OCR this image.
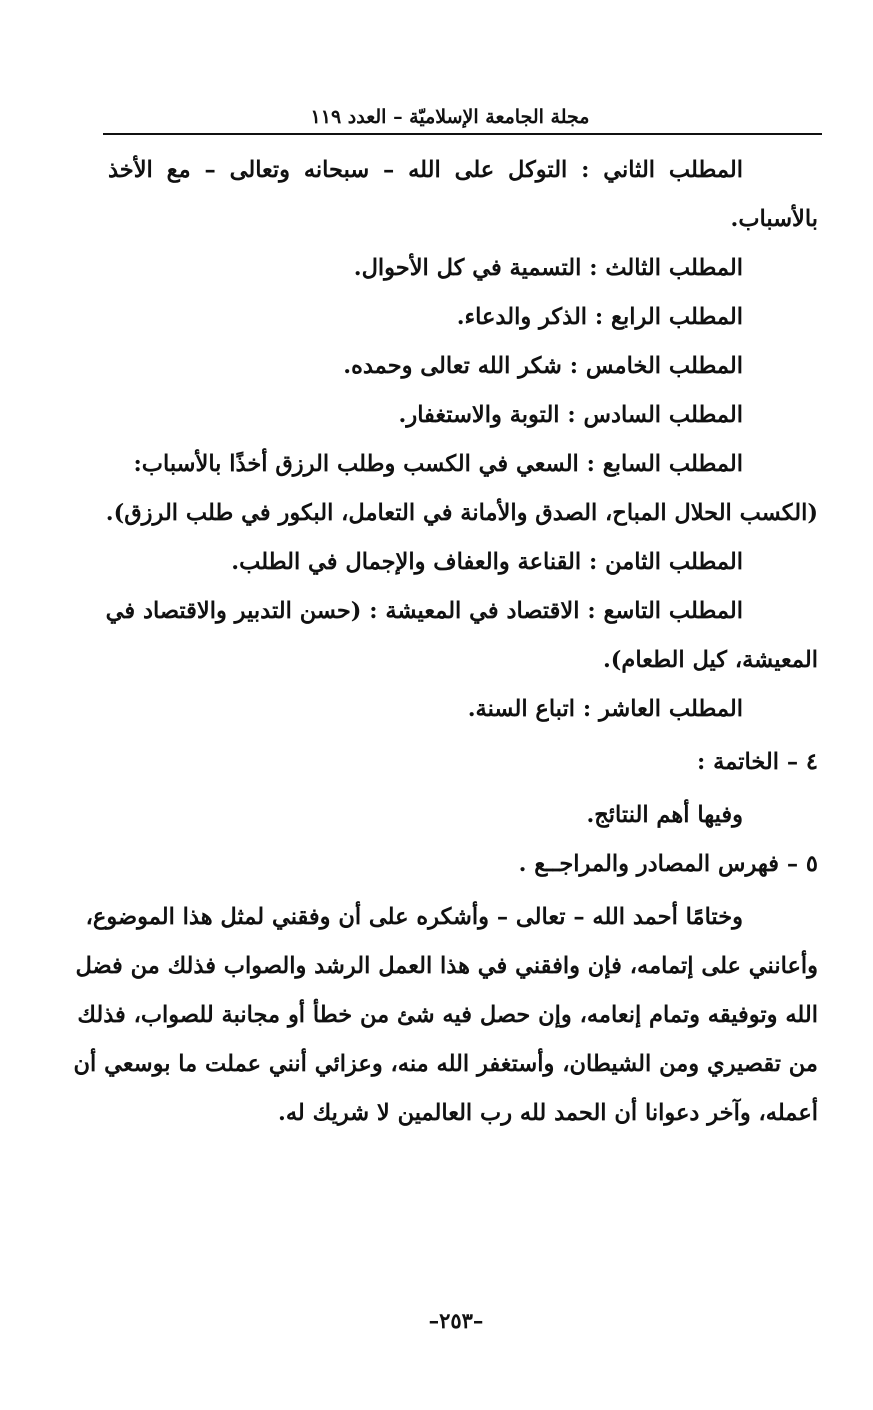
مجلة الجامعة الإسلاميّة – العدد ١١٩
المطلب الثاني : التوكل على الله – سبحانه وتعالى – مع الأخذ
بالأسباب.
المطلب الثالث : التسمية في كل الأحوال.
المطلب الرابع : الذكر والدعاء.
المطلب الخامس : شكر الله تعالى وحمده.
المطلب السادس : التوبة والاستغفار.
المطلب السابع : السعي في الكسب وطلب الرزق أخذًا بالأسباب:
(الكسب الحلال المباح، الصدق والأمانة في التعامل، البكور في طلب الرزق).
المطلب الثامن : القناعة والعفاف والإجمال في الطلب.
المطلب التاسع : الاقتصاد في المعيشة : (حسن التدبير والاقتصاد في
المعيشة، كيل الطعام).
المطلب العاشر : اتباع السنة.
٤ – الخاتمة :
وفيها أهم النتائج.
٥ – فهرس المصادر والمراجــع .
وختامًا أحمد الله – تعالى – وأشكره على أن وفقني لمثل هذا الموضوع،
وأعانني على إتمامه، فإن وافقني في هذا العمل الرشد والصواب فذلك من فضل
الله وتوفيقه وتمام إنعامه، وإن حصل فيه شئ من خطأ أو مجانبة للصواب، فذلك
من تقصيري ومن الشيطان، وأستغفر الله منه، وعزائي أنني عملت ما بوسعي أن
أعمله، وآخر دعوانا أن الحمد لله رب العالمين لا شريك له.
–٢٥٣–
